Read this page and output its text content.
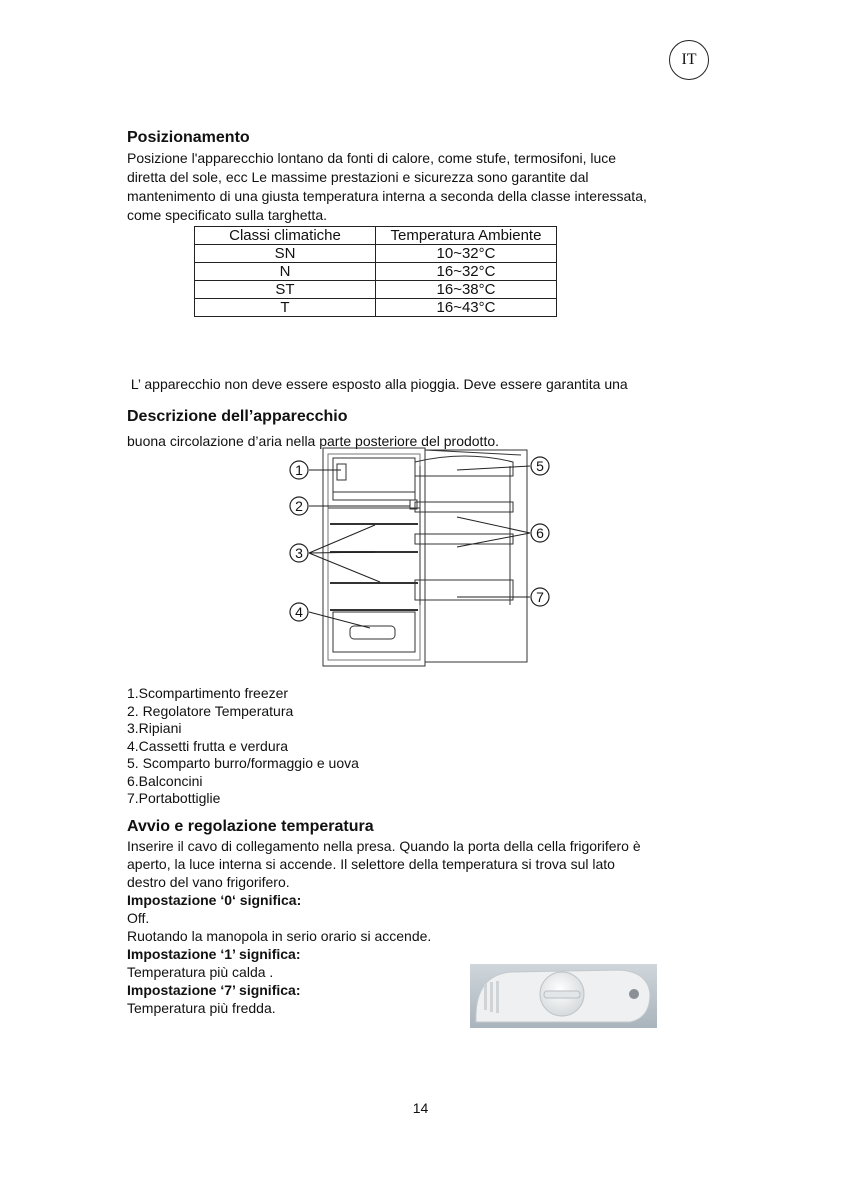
IT
Posizionamento
Posizione l'apparecchio lontano da fonti di calore, come stufe, termosifoni, luce
diretta del sole, ecc Le massime prestazioni e sicurezza sono garantite dal
mantenimento di una giusta temperatura interna a seconda della classe interessata,
come specificato sulla targhetta.
Classi climatiche	Temperatura Ambiente
SN	10~32°C
N	16~32°C
ST	16~38°C
T	16~43°C

L’ apparecchio non deve essere esposto alla pioggia. Deve essere garantita una

buona circolazione d’aria nella parte posteriore del prodotto.

Descrizione dell’apparecchio
1
2
3
4
5
6
7
1.Scompartimento freezer
2. Regolatore Temperatura
3.Ripiani
4.Cassetti frutta e verdura
5. Scomparto burro/formaggio e uova
6.Balconcini
7.Portabottiglie
Avvio e regolazione temperatura

Inserire il cavo di collegamento nella presa. Quando la porta della cella frigorifero è

aperto, la luce interna si accende. Il selettore della temperatura si trova sul lato

destro del vano frigorifero.

Impostazione ‘0‘ significa:

Off.

Ruotando la manopola in serio orario si accende.

Impostazione ‘1’ significa:

Temperatura più calda .

Impostazione ‘7’ significa:

Temperatura più fredda.

14
